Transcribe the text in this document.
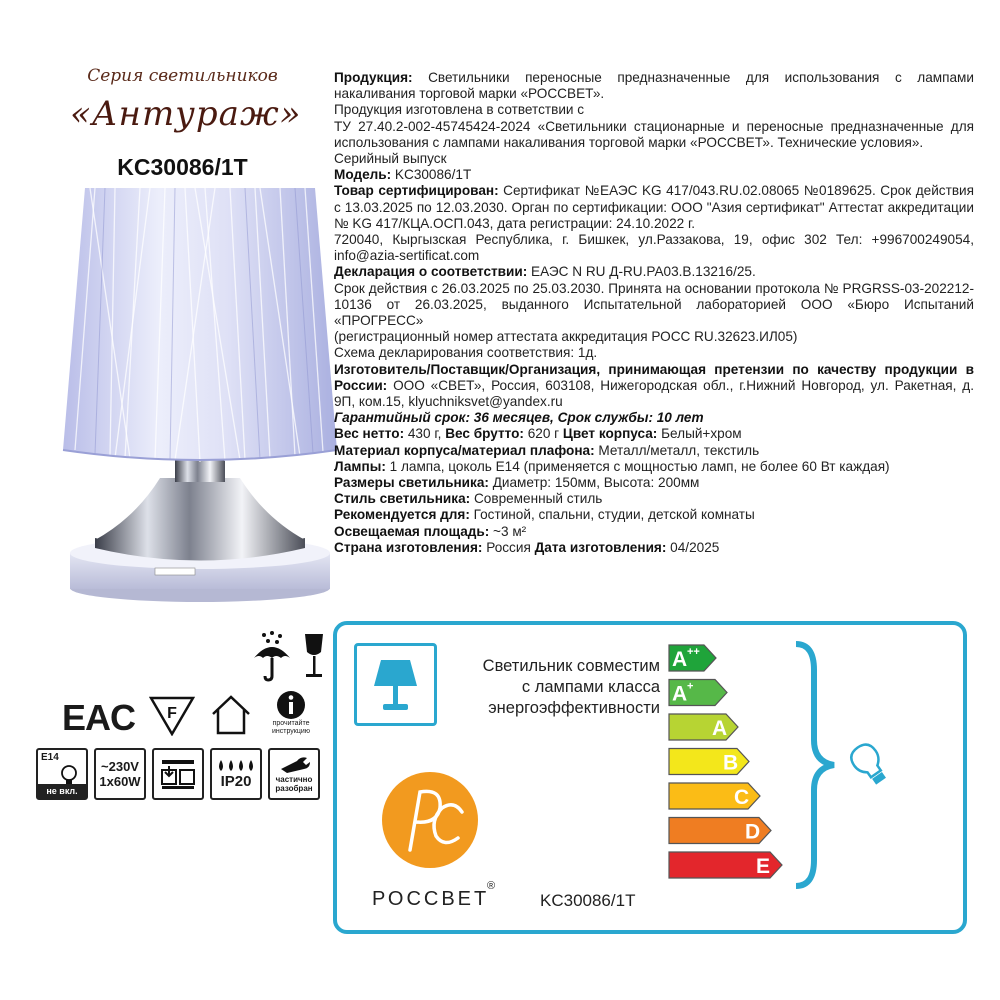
Серия светильников
«Антураж»
KC30086/1T
EAC F
прочитайте инструкцию
E14
не вкл.
~230V
1x60W	IP20	частично
разобран

Продукция: Светильники переносные предназначенные для использования с лампами накаливания торговой марки «РОССВЕТ».

Продукция изготовлена в сответствии с

ТУ 27.40.2-002-45745424-2024 «Светильники стационарные и переносные предназначенные для использования с лампами накаливания торговой марки «РОССВЕТ». Технические условия».

Серийный выпуск

Модель: KC30086/1T

Товар сертифицирован: Сертификат №ЕАЭС KG 417/043.RU.02.08065 №0189625. Срок действия с 13.03.2025 по 12.03.2030. Орган по сертификации: ООО "Азия сертификат" Аттестат аккредитации № KG 417/КЦА.ОСП.043, дата регистрации: 24.10.2022 г.

720040, Кыргызская Республика, г. Бишкек, ул.Раззакова, 19, офис 302 Тел: +996700249054, info@azia-sertificat.com

Декларация о соответствии: ЕАЭС N RU Д-RU.PA03.B.13216/25.

Срок действия с 26.03.2025 по 25.03.2030. Принята на основании протокола № PRGRSS-03-202212-10136 от 26.03.2025, выданного Испытательной лабораторией ООО «Бюро Испытаний «ПРОГРЕСС»

(регистрационный номер аттестата аккредитация РОСС RU.32623.ИЛ05)

Схема декларирования соответствия: 1д.

Изготовитель/Поставщик/Организация, принимающая претензии по качеству продукции в России: ООО «СВЕТ», Россия, 603108, Нижегородская обл., г.Нижний Новгород, ул. Ракетная, д. 9П, ком.15, klyuchniksvet@yandex.ru

Гарантийный срок: 36 месяцев, Срок службы: 10 лет

Вес нетто: 430 г, Вес брутто: 620 г Цвет корпуса: Белый+хром

Материал корпуса/материал плафона: Металл/металл, текстиль

Лампы: 1 лампа, цоколь E14 (применяется с мощностью ламп, не более 60 Вт каждая)

Размеры светильника: Диаметр: 150мм, Высота: 200мм

Стиль светильника: Современный стиль

Рекомендуется для: Гостиной, спальни, студии, детской комнаты

Освещаемая площадь: ~3 м²

Страна изготовления: Россия Дата изготовления: 04/2025

Светильник совместим
с лампами класса
энергоэффективности
A ++
A +
A
B
C
D
E
РОССВЕТ
®
KC30086/1T
